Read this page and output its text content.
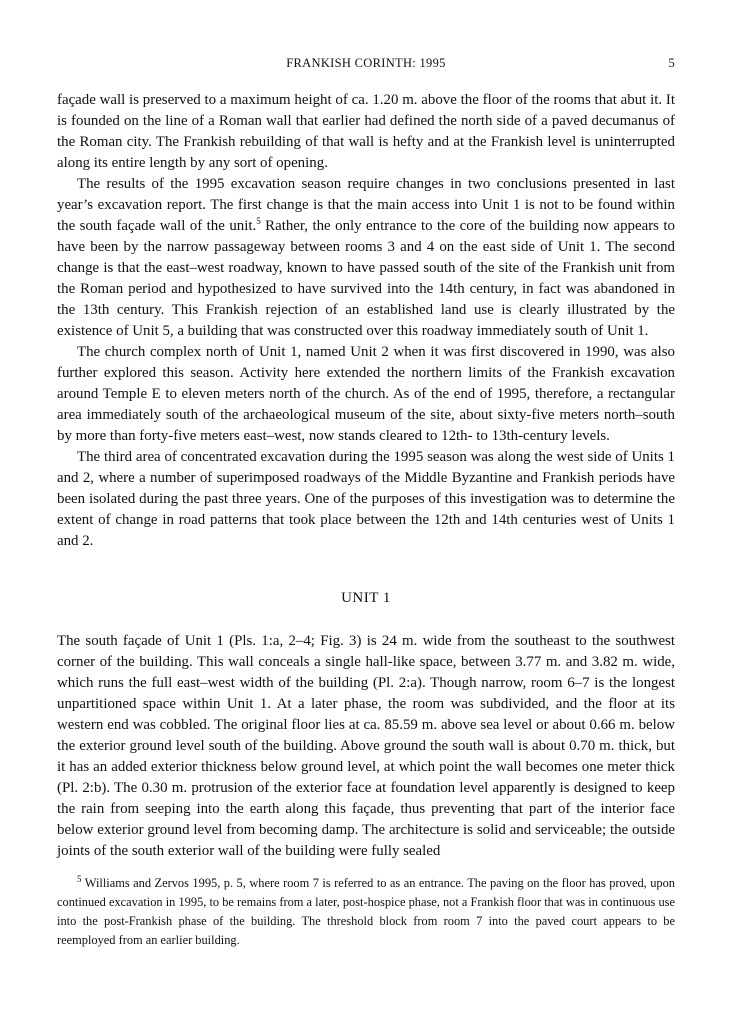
FRANKISH CORINTH: 1995	5

façade wall is preserved to a maximum height of ca. 1.20 m. above the floor of the rooms that abut it. It is founded on the line of a Roman wall that earlier had defined the north side of a paved decumanus of the Roman city. The Frankish rebuilding of that wall is hefty and at the Frankish level is uninterrupted along its entire length by any sort of opening.

The results of the 1995 excavation season require changes in two conclusions presented in last year’s excavation report. The first change is that the main access into Unit 1 is not to be found within the south façade wall of the unit.$^5$ Rather, the only entrance to the core of the building now appears to have been by the narrow passageway between rooms 3 and 4 on the east side of Unit 1. The second change is that the east–west roadway, known to have passed south of the site of the Frankish unit from the Roman period and hypothesized to have survived into the 14th century, in fact was abandoned in the 13th century. This Frankish rejection of an established land use is clearly illustrated by the existence of Unit 5, a building that was constructed over this roadway immediately south of Unit 1.

The church complex north of Unit 1, named Unit 2 when it was first discovered in 1990, was also further explored this season. Activity here extended the northern limits of the Frankish excavation around Temple E to eleven meters north of the church. As of the end of 1995, therefore, a rectangular area immediately south of the archaeological museum of the site, about sixty-five meters north–south by more than forty-five meters east–west, now stands cleared to 12th- to 13th-century levels.

The third area of concentrated excavation during the 1995 season was along the west side of Units 1 and 2, where a number of superimposed roadways of the Middle Byzantine and Frankish periods have been isolated during the past three years. One of the purposes of this investigation was to determine the extent of change in road patterns that took place between the 12th and 14th centuries west of Units 1 and 2.

UNIT 1

The south façade of Unit 1 (Pls. 1:a, 2–4; Fig. 3) is 24 m. wide from the southeast to the southwest corner of the building. This wall conceals a single hall-like space, between 3.77 m. and 3.82 m. wide, which runs the full east–west width of the building (Pl. 2:a). Though narrow, room 6–7 is the longest unpartitioned space within Unit 1. At a later phase, the room was subdivided, and the floor at its western end was cobbled. The original floor lies at ca. 85.59 m. above sea level or about 0.66 m. below the exterior ground level south of the building. Above ground the south wall is about 0.70 m. thick, but it has an added exterior thickness below ground level, at which point the wall becomes one meter thick (Pl. 2:b). The 0.30 m. protrusion of the exterior face at foundation level apparently is designed to keep the rain from seeping into the earth along this façade, thus preventing that part of the interior face below exterior ground level from becoming damp. The architecture is solid and serviceable; the outside joints of the south exterior wall of the building were fully sealed

$^5$ Williams and Zervos 1995, p. 5, where room 7 is referred to as an entrance. The paving on the floor has proved, upon continued excavation in 1995, to be remains from a later, post-hospice phase, not a Frankish floor that was in continuous use into the post-Frankish phase of the building. The threshold block from room 7 into the paved court appears to be reemployed from an earlier building.
